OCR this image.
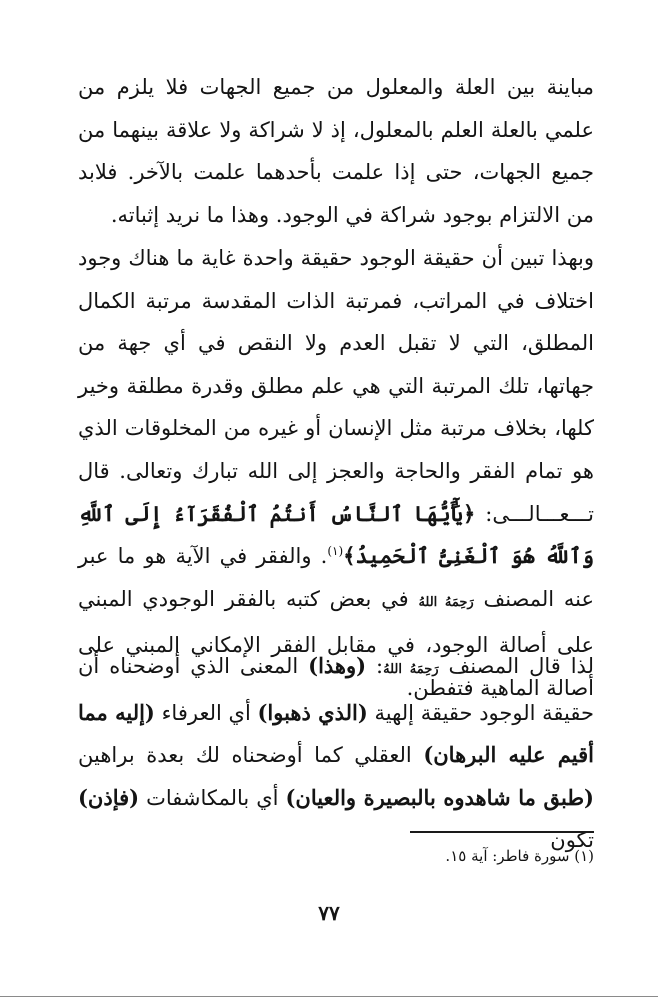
مباينة بين العلة والمعلول من جميع الجهات فلا يلزم من علمي بالعلة العلم بالمعلول، إذ لا شراكة ولا علاقة بينهما من جميع الجهات، حتى إذا علمت بأحدهما علمت بالآخر. فلابد من الالتزام بوجود شراكة في الوجود. وهذا ما نريد إثباته.

وبهذا تبين أن حقيقة الوجود حقيقة واحدة غاية ما هناك وجود اختلاف في المراتب، فمرتبة الذات المقدسة مرتبة الكمال المطلق، التي لا تقبل العدم ولا النقص في أي جهة من جهاتها، تلك المرتبة التي هي علم مطلق وقدرة مطلقة وخير كلها، بخلاف مرتبة مثل الإنسان أو غيره من المخلوقات الذي هو تمام الفقر والحاجة والعجز إلى الله تبارك وتعالى. قال تـــعـــالـــى: ﴿يَٰٓأَيُّهَا ٱلنَّاسُ أَنتُمُ ٱلْفُقَرَآءُ إِلَى ٱللَّهِ وَٱللَّهُ هُوَ ٱلْغَنِىُّ ٱلْحَمِيدُ﴾$^{(١)}$. والفقر في الآية هو ما عبر عنه المصنف رَحِمَهُ اللهُ في بعض كتبه بالفقر الوجودي المبني على أصالة الوجود، في مقابل الفقر الإمكاني المبني على أصالة الماهية فتفطن.

لذا قال المصنف رَحِمَهُ اللهُ: (وهذا) المعنى الذي أوضحناه أن حقيقة الوجود حقيقة إلهية (الذي ذهبوا) أي العرفاء (إليه مما أقيم عليه البرهان) العقلي كما أوضحناه لك بعدة براهين (طبق ما شاهدوه بالبصيرة والعيان) أي بالمكاشفات (فإذن) تكون

(١) سورة فاطر: آية ١٥.
٧٧
